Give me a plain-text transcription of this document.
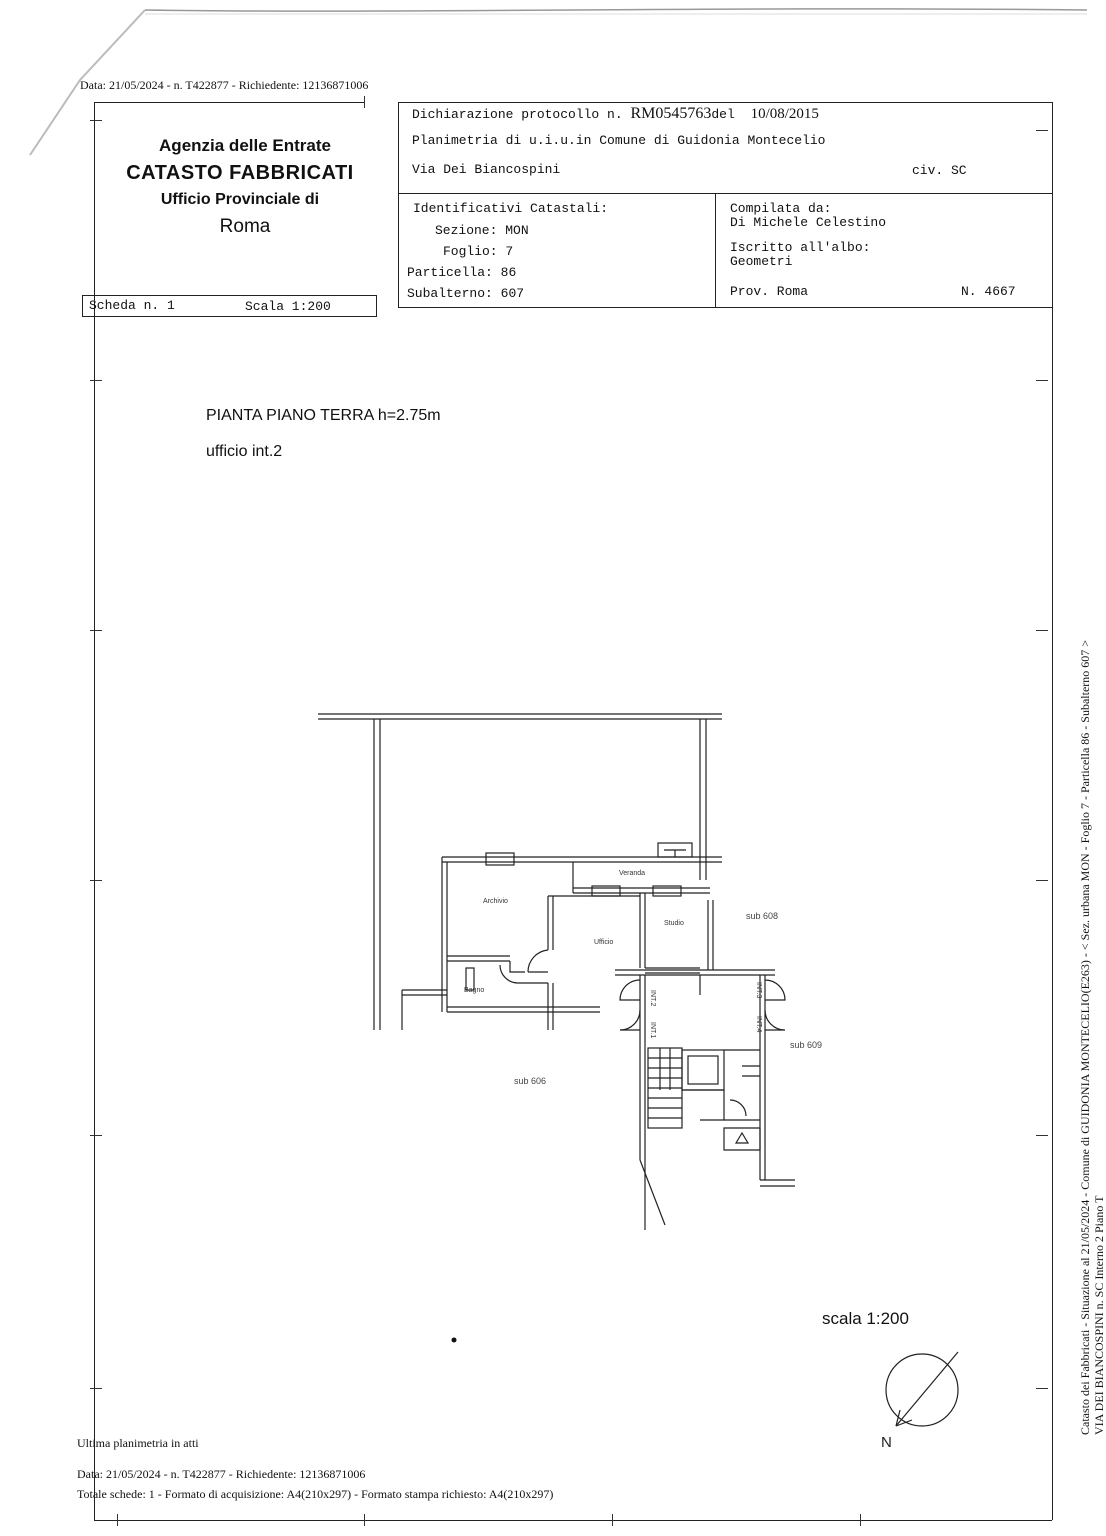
Data: 21/05/2024 - n. T422877 - Richiedente: 12136871006
Agenzia delle Entrate
CATASTO FABBRICATI
Ufficio Provinciale di
Roma
Dichiarazione protocollo n. RM0545763del 10/08/2015
Planimetria di u.i.u.in Comune di Guidonia Montecelio
Via Dei Biancospini	civ. SC
Identificativi Catastali:
Sezione: MON
Foglio: 7
Particella: 86
Subalterno: 607
Compilata da:
Di Michele Celestino
Iscritto all'albo:
Geometri
Prov. Roma	N. 4667
Scheda n. 1	Scala 1:200
PIANTA PIANO TERRA h=2.75m
ufficio int.2
Veranda
Archivio
Studio
Ufficio
Bagno	INT.2
INT.1
INT.3
INT.4
sub 608
sub 609
sub 606
scala 1:200
N
Ultima planimetria in atti
Data: 21/05/2024 - n. T422877 - Richiedente: 12136871006
Totale schede: 1 - Formato di acquisizione: A4(210x297) - Formato stampa richiesto: A4(210x297)
Catasto dei Fabbricati - Situazione al 21/05/2024 - Comune di GUIDONIA MONTECELIO(E263) - < Sez. urbana MON - Foglio 7 - Particella 86 - Subalterno 607 > VIA DEI BIANCOSPINI n. SC Interno 2 Piano T
